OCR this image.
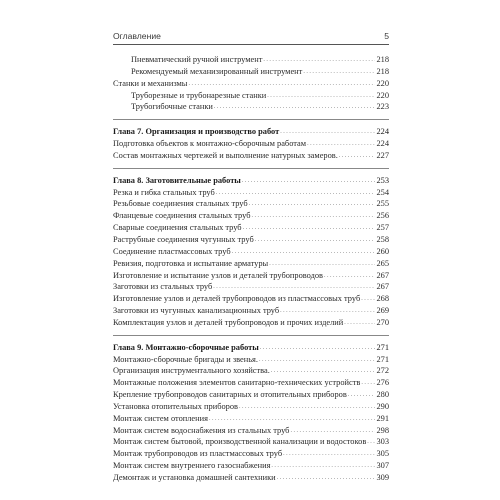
Оглавление	5
Пневматический ручной инструмент . . .	218
Рекомендуемый механизированный инструмент . . .	218
Станки и механизмы . . .	220
Труборезные и трубонарезные станки . . .	220
Трубогибочные станки . . .	223
Глава 7. Организация и производство работ . . .	224
Подготовка объектов к монтажно-сборочным работам . . .	224
Состав монтажных чертежей и выполнение натурных замеров. . . .	227
Глава 8. Заготовительные работы . . .	253
Резка и гибка стальных труб . . .	254
Резьбовые соединения стальных труб . . .	255
Фланцевые соединения стальных труб . . .	256
Сварные соединения стальных труб . . .	257
Раструбные соединения чугунных труб . . .	258
Соединение пластмассовых труб . . .	260
Ревизия, подготовка и испытание арматуры . . .	265
Изготовление и испытание узлов и деталей трубопроводов . . .	267
Заготовки из стальных труб . . .	267
Изготовление узлов и деталей трубопроводов из пластмассовых труб . . . 268
Заготовки из чугунных канализационных труб . . .	269
Комплектация узлов и деталей трубопроводов и прочих изделий . . .	270
Глава 9. Монтажно-сборочные работы . . .	271
Монтажно-сборочные бригады и звенья. . . .	271
Организация инструментального хозяйства. . . .	272
Монтажные положения элементов санитарно-технических устройств . . . 276
Крепление трубопроводов санитарных и отопительных приборов . . .	280
Установка отопительных приборов . . .	290
Монтаж систем отопления . . .	291
Монтаж систем водоснабжения из стальных труб . . .	298
Монтаж систем бытовой, производственной канализации и водостоков . . . 303
Монтаж трубопроводов из пластмассовых труб . . .	305
Монтаж систем внутреннего газоснабжения . . .	307
Демонтаж и установка домашней сантехники . . .	309
